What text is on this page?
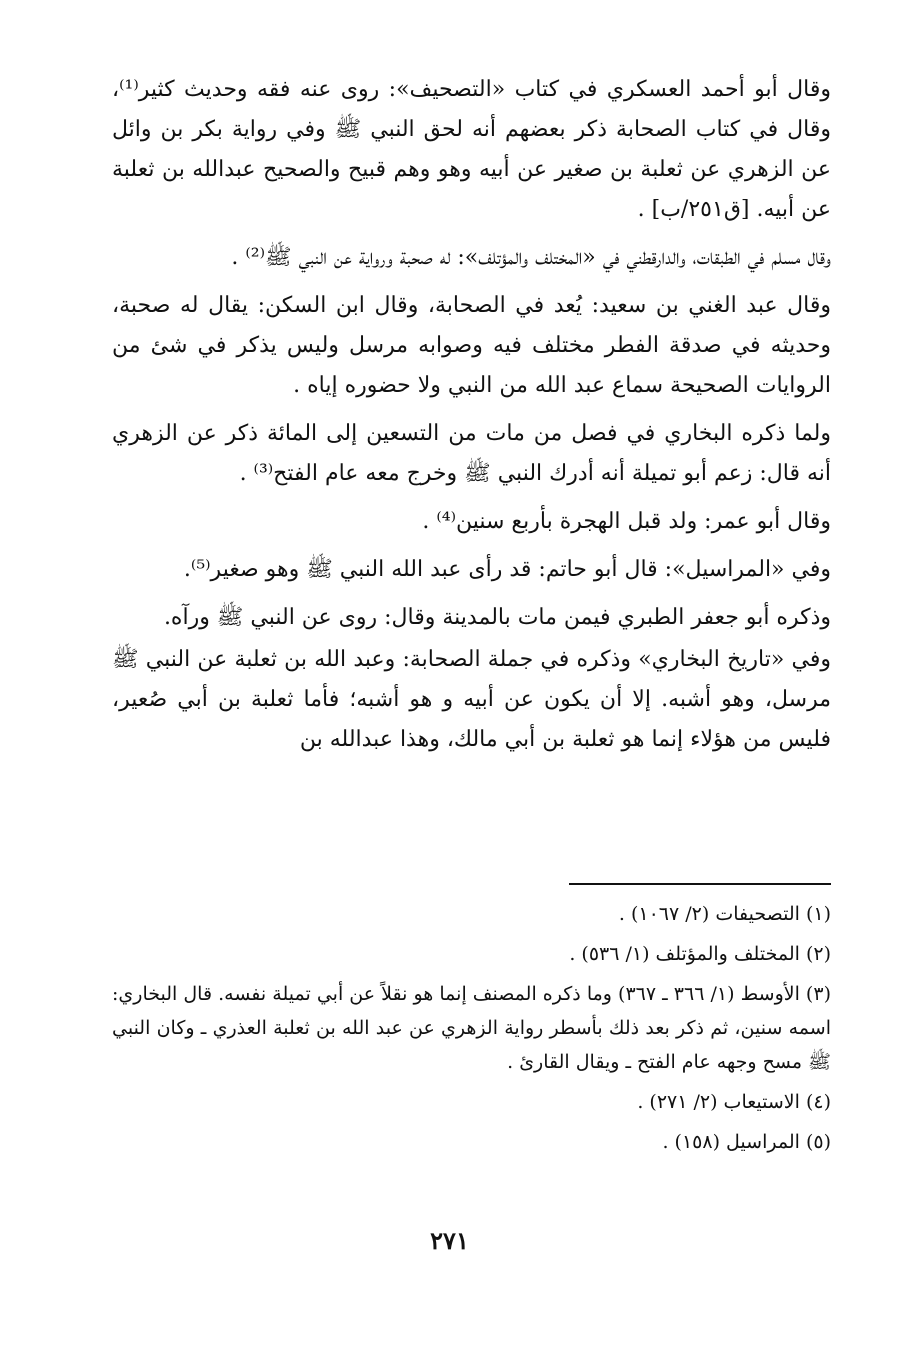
وقال أبو أحمد العسكري في كتاب «التصحيف»: روى عنه فقه وحديث كثير⁽¹⁾، وقال في كتاب الصحابة ذكر بعضهم أنه لحق النبي ﷺ وفي رواية بكر بن وائل عن الزهري عن ثعلبة بن صغير عن أبيه وهو وهم قبيح والصحيح عبدالله بن ثعلبة عن أبيه. [ق٢٥١/ب] .

وقال مسلم في الطبقات، والدارقطني في «المختلف والمؤتلف»: له صحبة ورواية عن النبي ﷺ⁽²⁾ .

وقال عبد الغني بن سعيد: يُعد في الصحابة، وقال ابن السكن: يقال له صحبة، وحديثه في صدقة الفطر مختلف فيه وصوابه مرسل وليس يذكر في شئ من الروايات الصحيحة سماع عبد الله من النبي ولا حضوره إياه .

ولما ذكره البخاري في فصل من مات من التسعين إلى المائة ذكر عن الزهري أنه قال: زعم أبو تميلة أنه أدرك النبي ﷺ وخرج معه عام الفتح⁽³⁾ .

وقال أبو عمر: ولد قبل الهجرة بأربع سنين⁽⁴⁾ .

وفي «المراسيل»: قال أبو حاتم: قد رأى عبد الله النبي ﷺ وهو صغير⁽⁵⁾.

وذكره أبو جعفر الطبري فيمن مات بالمدينة وقال: روى عن النبي ﷺ ورآه.

وفي «تاريخ البخاري» وذكره في جملة الصحابة: وعبد الله بن ثعلبة عن النبي ﷺ مرسل، وهو أشبه. إلا أن يكون عن أبيه و هو أشبه؛ فأما ثعلبة بن أبي صُعير، فليس من هؤلاء إنما هو ثعلبة بن أبي مالك، وهذا عبدالله بن

(١) التصحيفات (٢/ ١٠٦٧) .

(٢) المختلف والمؤتلف (١/ ٥٣٦) .

(٣) الأوسط (١/ ٣٦٦ ـ ٣٦٧) وما ذكره المصنف إنما هو نقلاً عن أبي تميلة نفسه. قال البخاري: اسمه سنين، ثم ذكر بعد ذلك بأسطر رواية الزهري عن عبد الله بن ثعلبة العذري ـ وكان النبي ﷺ مسح وجهه عام الفتح ـ ويقال القارئ .

(٤) الاستيعاب (٢/ ٢٧١) .

(٥) المراسيل (١٥٨) .

٢٧١
